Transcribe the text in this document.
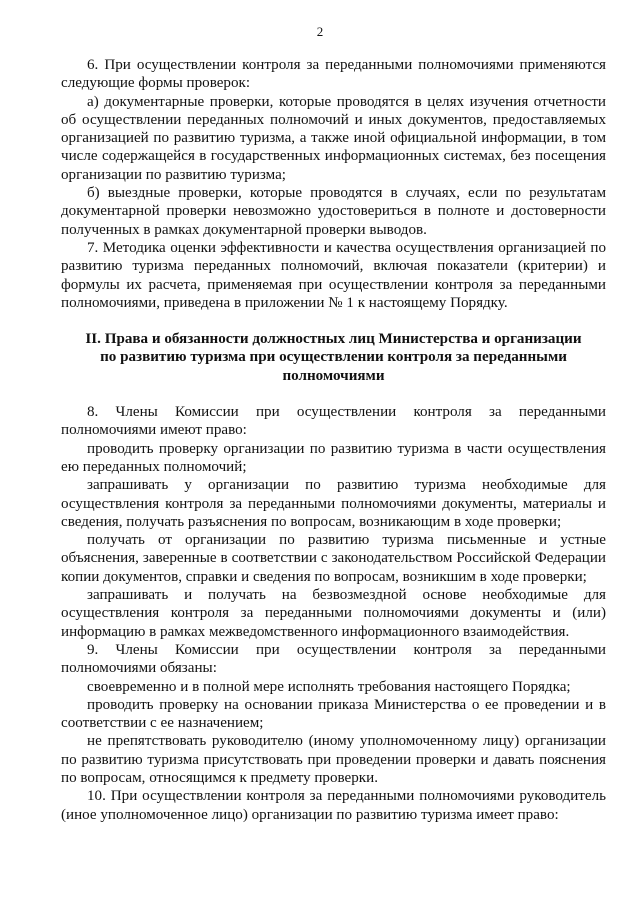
2

6. При осуществлении контроля за переданными полномочиями применяются следующие формы проверок:

а) документарные проверки, которые проводятся в целях изучения отчетности об осуществлении переданных полномочий и иных документов, предоставляемых организацией по развитию туризма, а также иной официальной информации, в том числе содержащейся в государственных информационных системах, без посещения организации по развитию туризма;

б) выездные проверки, которые проводятся в случаях, если по результатам документарной проверки невозможно удостовериться в полноте и достоверности полученных в рамках документарной проверки выводов.

7. Методика оценки эффективности и качества осуществления организацией по развитию туризма переданных полномочий, включая показатели (критерии) и формулы их расчета, применяемая при осуществлении контроля за переданными полномочиями, приведена в приложении № 1 к настоящему Порядку.

II. Права и обязанности должностных лиц Министерства и организации
по развитию туризма при осуществлении контроля за переданными
полномочиями

8. Члены Комиссии при осуществлении контроля за переданными полномочиями имеют право:

проводить проверку организации по развитию туризма в части осуществления ею переданных полномочий;

запрашивать у организации по развитию туризма необходимые для осуществления контроля за переданными полномочиями документы, материалы и сведения, получать разъяснения по вопросам, возникающим в ходе проверки;

получать от организации по развитию туризма письменные и устные объяснения, заверенные в соответствии с законодательством Российской Федерации копии документов, справки и сведения по вопросам, возникшим в ходе проверки;

запрашивать и получать на безвозмездной основе необходимые для осуществления контроля за переданными полномочиями документы и (или) информацию в рамках межведомственного информационного взаимодействия.

9. Члены Комиссии при осуществлении контроля за переданными полномочиями обязаны:

своевременно и в полной мере исполнять требования настоящего Порядка;

проводить проверку на основании приказа Министерства о ее проведении и в соответствии с ее назначением;

не препятствовать руководителю (иному уполномоченному лицу) организации по развитию туризма присутствовать при проведении проверки и давать пояснения по вопросам, относящимся к предмету проверки.

10. При осуществлении контроля за переданными полномочиями руководитель (иное уполномоченное лицо) организации по развитию туризма имеет право:
